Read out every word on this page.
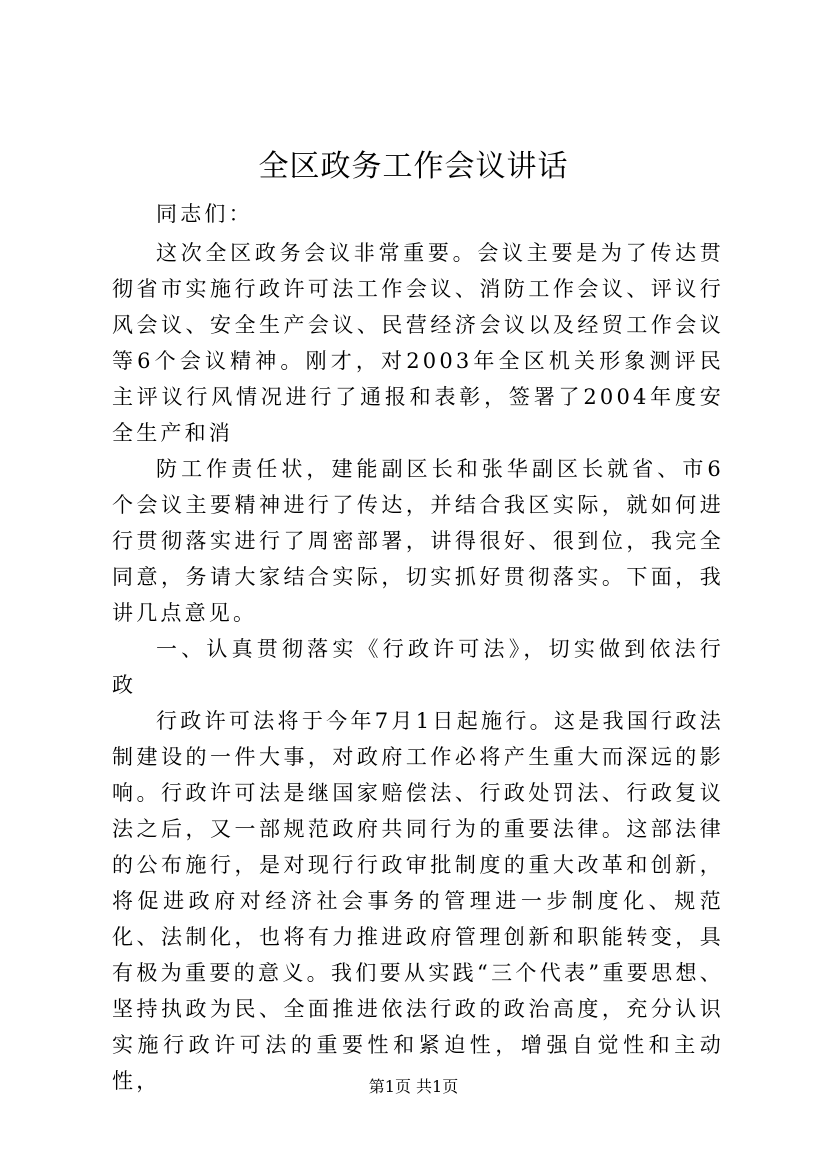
全区政务工作会议讲话

同志们：

这次全区政务会议非常重要。会议主要是为了传达贯彻省市实施行政许可法工作会议、消防工作会议、评议行风会议、安全生产会议、民营经济会议以及经贸工作会议等6个会议精神。刚才，对2003年全区机关形象测评民主评议行风情况进行了通报和表彰，签署了2004年度安全生产和消

防工作责任状，建能副区长和张华副区长就省、市6个会议主要精神进行了传达，并结合我区实际，就如何进行贯彻落实进行了周密部署，讲得很好、很到位，我完全同意，务请大家结合实际，切实抓好贯彻落实。下面，我讲几点意见。

一、认真贯彻落实《行政许可法》，切实做到依法行政

行政许可法将于今年7月1日起施行。这是我国行政法制建设的一件大事，对政府工作必将产生重大而深远的影响。行政许可法是继国家赔偿法、行政处罚法、行政复议法之后，又一部规范政府共同行为的重要法律。这部法律的公布施行，是对现行行政审批制度的重大改革和创新，将促进政府对经济社会事务的管理进一步制度化、规范化、法制化，也将有力推进政府管理创新和职能转变，具有极为重要的意义。我们要从实践“三个代表”重要思想、坚持执政为民、全面推进依法行政的政治高度，充分认识实施行政许可法的重要性和紧迫性，增强自觉性和主动性，	第1页 共1页
